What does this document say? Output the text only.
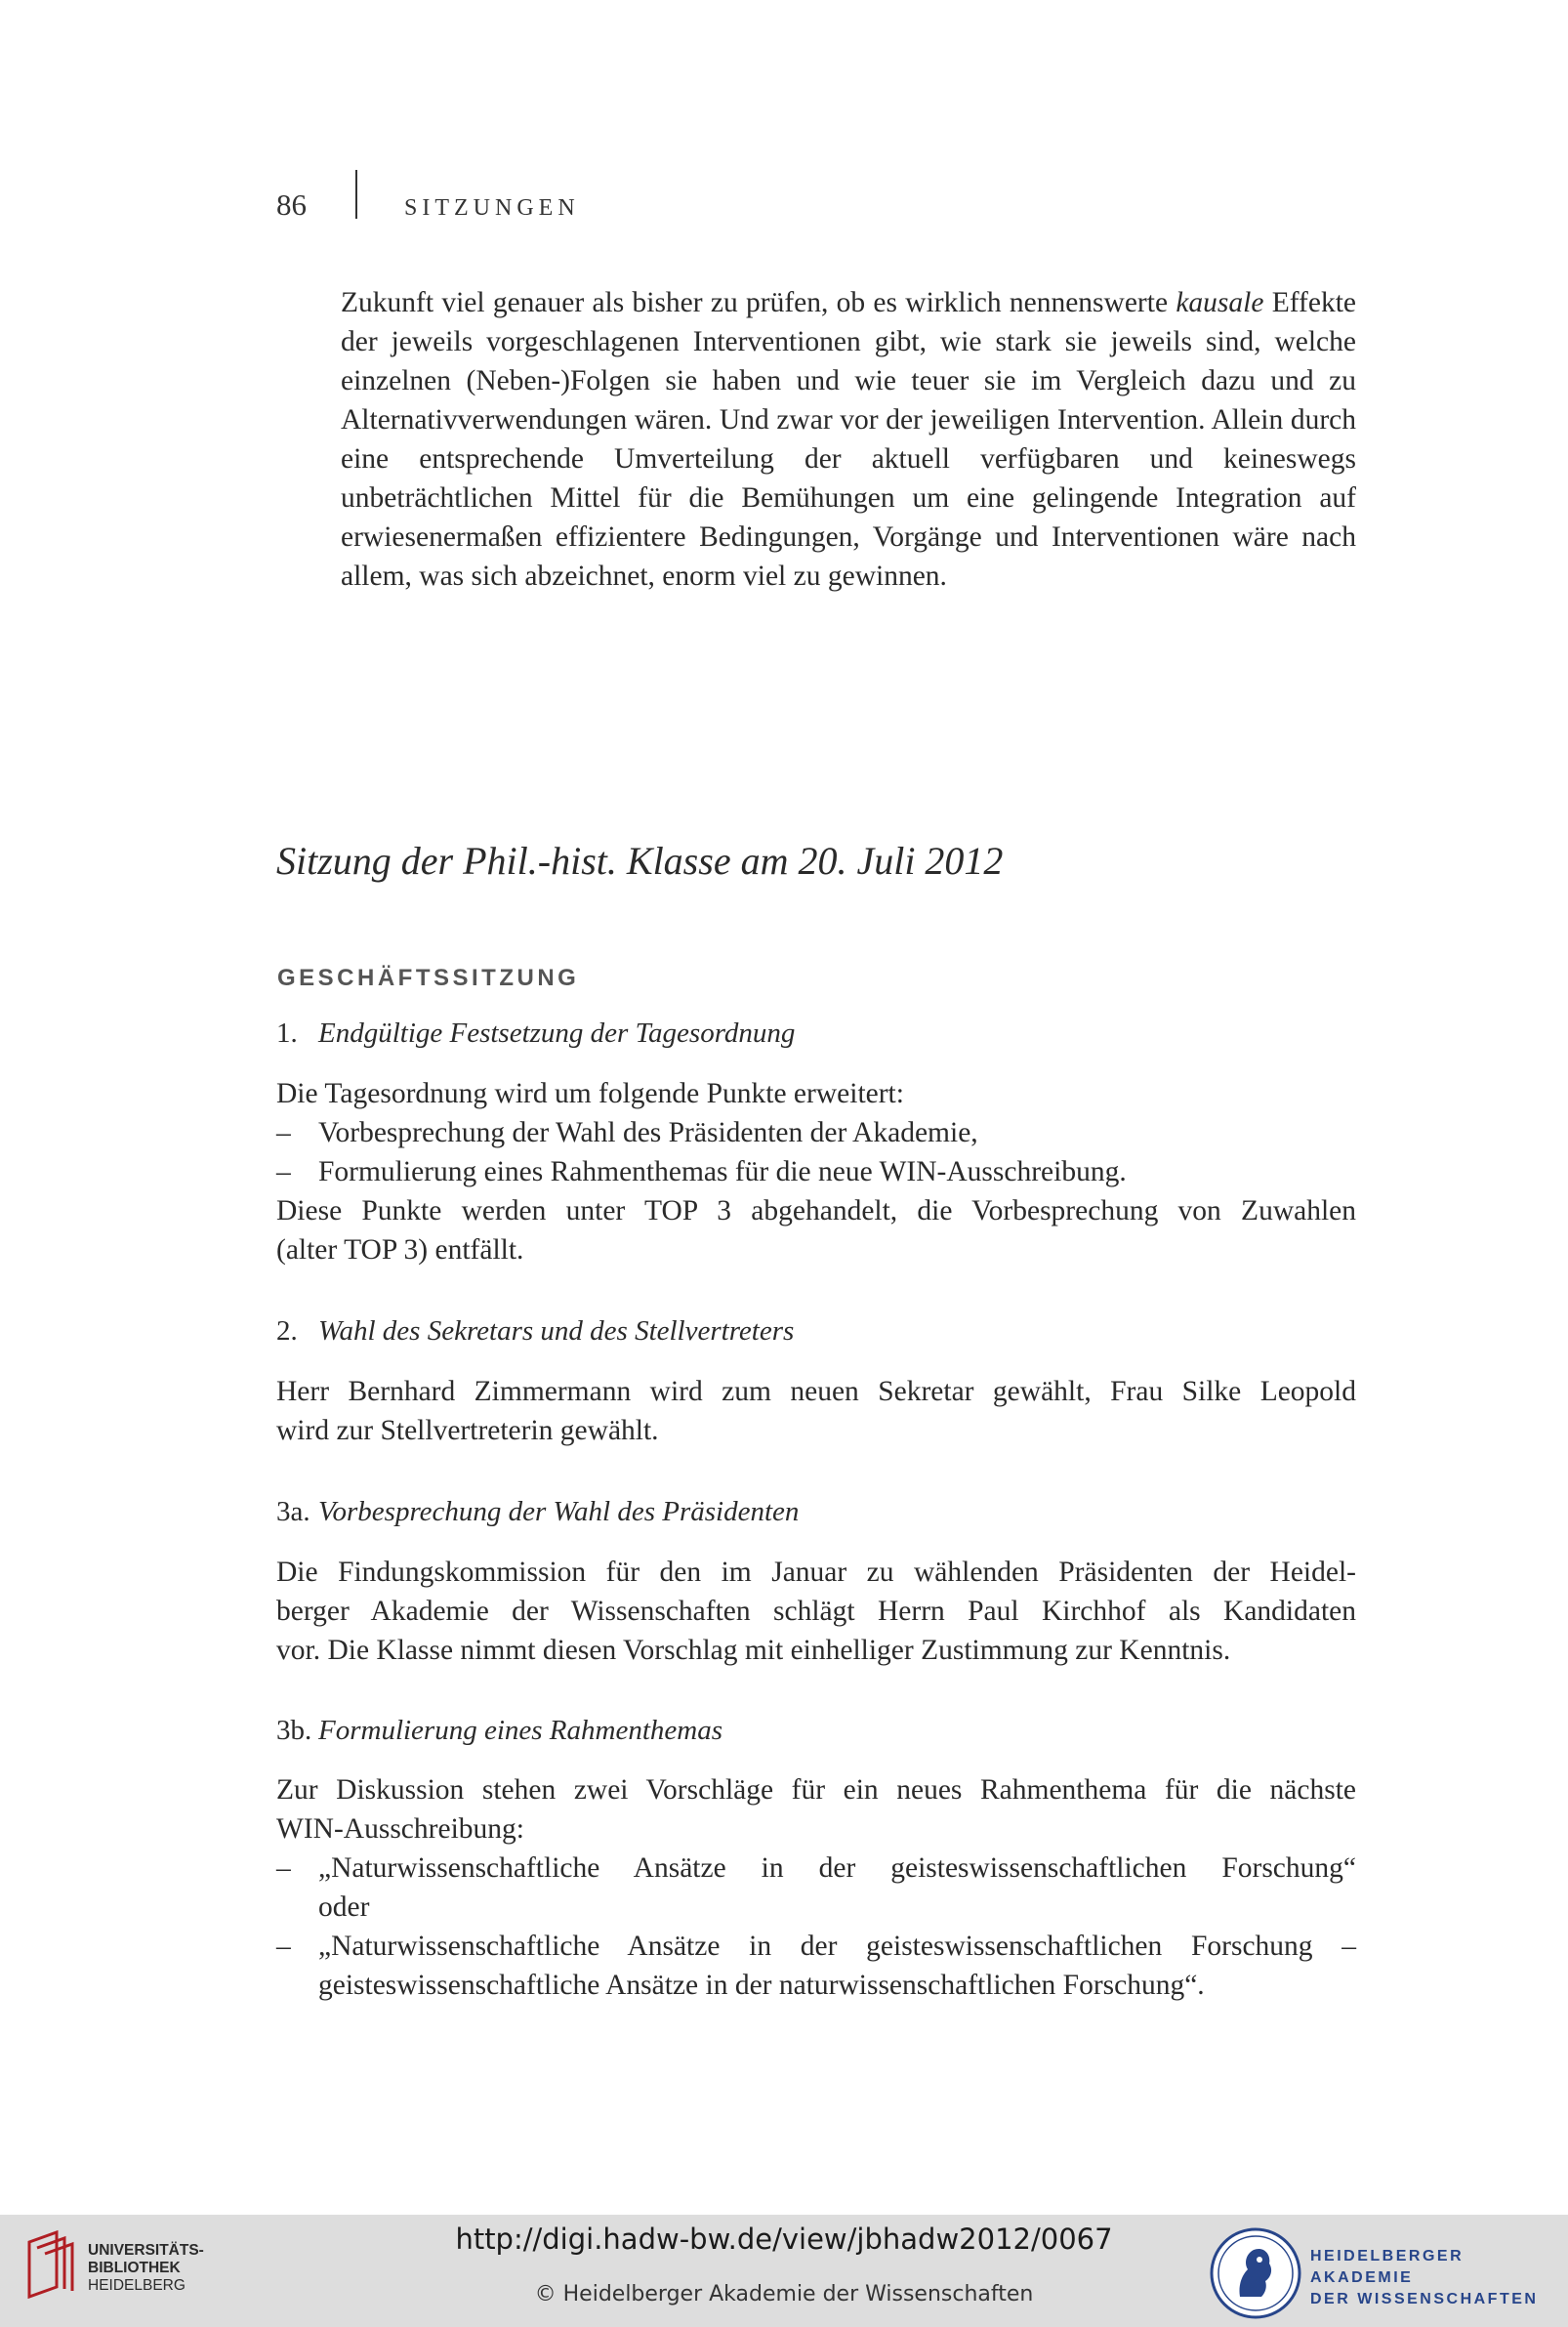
86	SITZUNGEN
Zukunft viel genauer als bisher zu prüfen, ob es wirklich nennenswerte kausale Effekte der jeweils vorgeschlagenen Interventionen gibt, wie stark sie jeweils sind, welche einzelnen (Neben-)Folgen sie haben und wie teuer sie im Vergleich dazu und zu Alternativverwendungen wären. Und zwar vor der jeweiligen Intervention. Allein durch eine entsprechende Umverteilung der aktuell verfügbaren und keineswegs unbeträchtlichen Mittel für die Bemühungen um eine gelingende Integration auf erwiesenermaßen effizientere Bedingungen, Vorgänge und Interventionen wäre nach allem, was sich abzeichnet, enorm viel zu gewinnen.
Sitzung der Phil.-hist. Klasse am 20. Juli 2012
GESCHÄFTSSITZUNG
1. Endgültige Festsetzung der Tagesordnung
Die Tagesordnung wird um folgende Punkte erweitert:
– Vorbesprechung der Wahl des Präsidenten der Akademie,
– Formulierung eines Rahmenthemas für die neue WIN-Ausschreibung.
Diese Punkte werden unter TOP 3 abgehandelt, die Vorbesprechung von Zuwahlen
(alter TOP 3) entfällt.
2. Wahl des Sekretars und des Stellvertreters
Herr Bernhard Zimmermann wird zum neuen Sekretar gewählt, Frau Silke Leopold
wird zur Stellvertreterin gewählt.
3a. Vorbesprechung der Wahl des Präsidenten
Die Findungskommission für den im Januar zu wählenden Präsidenten der Heidel-
berger Akademie der Wissenschaften schlägt Herrn Paul Kirchhof als Kandidaten
vor. Die Klasse nimmt diesen Vorschlag mit einhelliger Zustimmung zur Kenntnis.
3b. Formulierung eines Rahmenthemas
Zur Diskussion stehen zwei Vorschläge für ein neues Rahmenthema für die nächste
WIN-Ausschreibung:
– „Naturwissenschaftliche Ansätze in der geisteswissenschaftlichen Forschung“
oder
– „Naturwissenschaftliche Ansätze in der geisteswissenschaftlichen Forschung –
geisteswissenschaftliche Ansätze in der naturwissenschaftlichen Forschung“.
UNIVERSITÄTS-
BIBLIOTHEK
HEIDELBERG
http://digi.hadw-bw.de/view/jbhadw2012/0067
© Heidelberger Akademie der Wissenschaften
HEIDELBERGER AKADEMIE
DER WISSENSCHAFTEN
